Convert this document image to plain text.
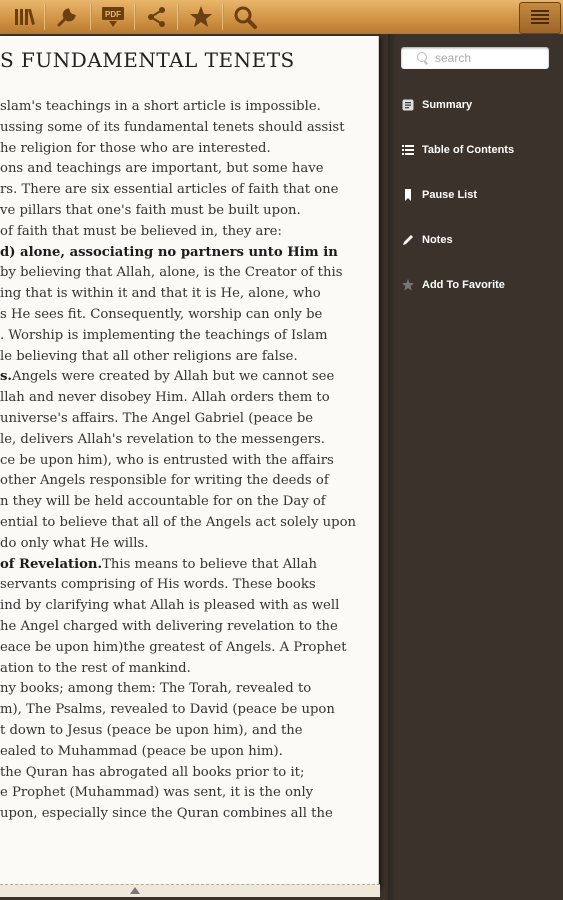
PDF
S FUNDAMENTAL TENETS
slam's teachings in a short article is impossible.
ussing some of its fundamental tenets should assist
he religion for those who are interested.
ons and teachings are important, but some have
rs. There are six essential articles of faith that one
ve pillars that one's faith must be built upon.
of faith that must be believed in, they are:
d) alone, associating no partners unto Him in
by believing that Allah, alone, is the Creator of this
ing that is within it and that it is He, alone, who
s He sees fit. Consequently, worship can only be
. Worship is implementing the teachings of Islam
le believing that all other religions are false.
s.Angels were created by Allah but we cannot see
llah and never disobey Him. Allah orders them to
universe's affairs. The Angel Gabriel (peace be
le, delivers Allah's revelation to the messengers.
ce be upon him), who is entrusted with the affairs
other Angels responsible for writing the deeds of
n they will be held accountable for on the Day of
ential to believe that all of the Angels act solely upon
do only what He wills.
of Revelation.This means to believe that Allah
servants comprising of His words. These books
ind by clarifying what Allah is pleased with as well
he Angel charged with delivering revelation to the
eace be upon him)the greatest of Angels. A Prophet
ation to the rest of mankind.
ny books; among them: The Torah, revealed to
m), The Psalms, revealed to David (peace be upon
t down to Jesus (peace be upon him), and the
ealed to Muhammad (peace be upon him).
the Quran has abrogated all books prior to it;
e Prophet (Muhammad) was sent, it is the only
upon, especially since the Quran combines all the
search
Summary
Table of Contents
Pause List
Notes
Add To Favorite
